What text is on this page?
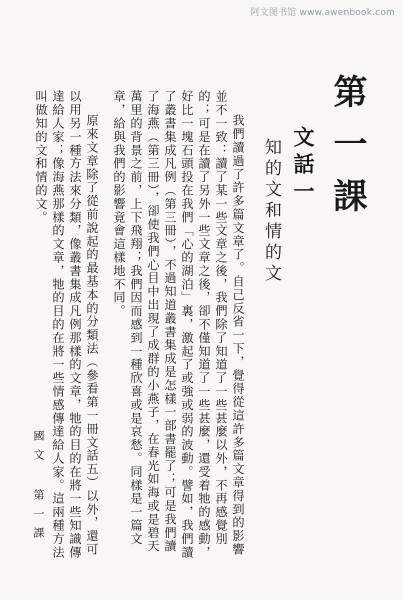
阿文图书馆 www.awenbook.com
第一課
文話一
知的文和情的文

我們讀過了許多篇文章了。自己反省一下，覺得從這許多篇文章得到的影響並不一致：讀了某一些文章之後，我們除了知道了一些甚麼以外，不再感覺別的；可是在讀了另外一些文章之後，卻不僅知道了一些甚麼，還受着牠的感動，好比一塊石頭投在我們「心的湖泊」裏，激起了或強或弱的波動。譬如，我們讀了叢書集成凡例（第三冊），不過知道叢書集成是怎樣一部書罷了；可是我們讀了海燕（第三冊），卻使我們心目中出現了成群的小燕子，在春光如海或是碧天萬里的背景之前，上下飛翔；我們因而感到一種欣喜或是哀愁。同樣是一篇文章，給與我們的影響竟會這樣地不同。

原來文章除了從前說起的最基本的分類法（參看第一冊文話五）以外，還可以用另一種方法來分類，像叢書集成凡例那樣的文章，牠的目的在將一些知識傳達給人家；像海燕那樣的文章，牠的目的在將一些情感傳達給人家。這兩種方法叫做知的文和情的文。

國文 第一課
